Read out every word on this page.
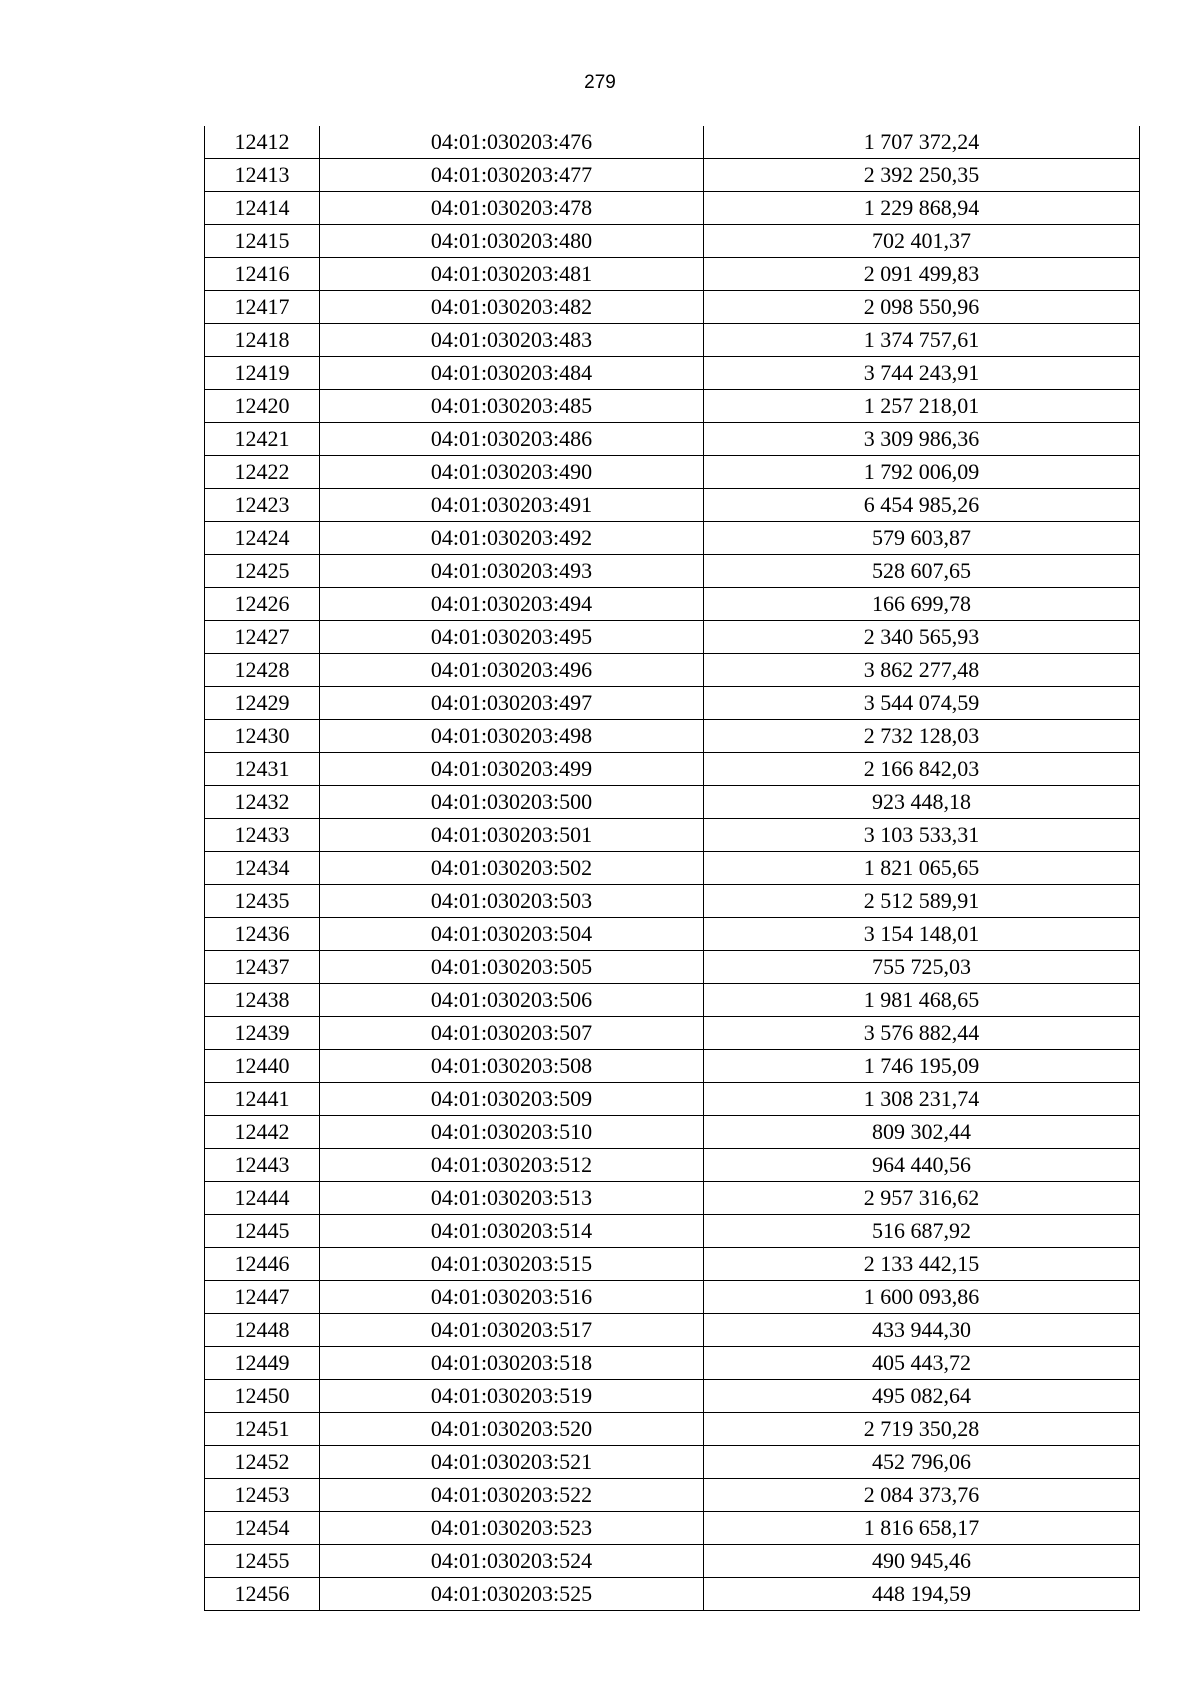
279
12412	04:01:030203:476	1 707 372,24
12413	04:01:030203:477	2 392 250,35
12414	04:01:030203:478	1 229 868,94
12415	04:01:030203:480	702 401,37
12416	04:01:030203:481	2 091 499,83
12417	04:01:030203:482	2 098 550,96
12418	04:01:030203:483	1 374 757,61
12419	04:01:030203:484	3 744 243,91
12420	04:01:030203:485	1 257 218,01
12421	04:01:030203:486	3 309 986,36
12422	04:01:030203:490	1 792 006,09
12423	04:01:030203:491	6 454 985,26
12424	04:01:030203:492	579 603,87
12425	04:01:030203:493	528 607,65
12426	04:01:030203:494	166 699,78
12427	04:01:030203:495	2 340 565,93
12428	04:01:030203:496	3 862 277,48
12429	04:01:030203:497	3 544 074,59
12430	04:01:030203:498	2 732 128,03
12431	04:01:030203:499	2 166 842,03
12432	04:01:030203:500	923 448,18
12433	04:01:030203:501	3 103 533,31
12434	04:01:030203:502	1 821 065,65
12435	04:01:030203:503	2 512 589,91
12436	04:01:030203:504	3 154 148,01
12437	04:01:030203:505	755 725,03
12438	04:01:030203:506	1 981 468,65
12439	04:01:030203:507	3 576 882,44
12440	04:01:030203:508	1 746 195,09
12441	04:01:030203:509	1 308 231,74
12442	04:01:030203:510	809 302,44
12443	04:01:030203:512	964 440,56
12444	04:01:030203:513	2 957 316,62
12445	04:01:030203:514	516 687,92
12446	04:01:030203:515	2 133 442,15
12447	04:01:030203:516	1 600 093,86
12448	04:01:030203:517	433 944,30
12449	04:01:030203:518	405 443,72
12450	04:01:030203:519	495 082,64
12451	04:01:030203:520	2 719 350,28
12452	04:01:030203:521	452 796,06
12453	04:01:030203:522	2 084 373,76
12454	04:01:030203:523	1 816 658,17
12455	04:01:030203:524	490 945,46
12456	04:01:030203:525	448 194,59
